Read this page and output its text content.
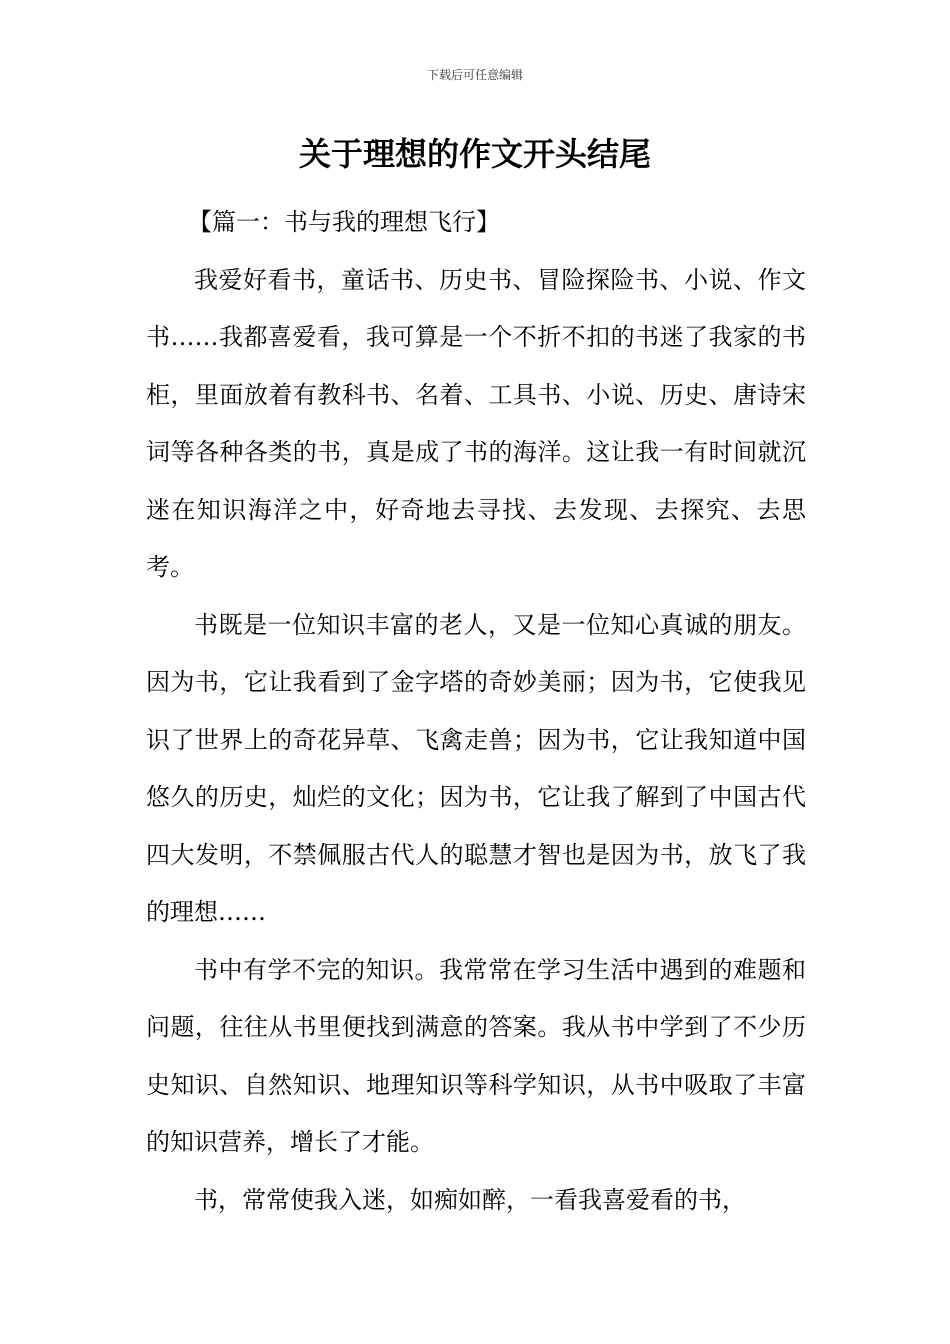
下载后可任意编辑
关于理想的作文开头结尾

【篇一：书与我的理想飞行】

我爱好看书，童话书、历史书、冒险探险书、小说、作文书……我都喜爱看，我可算是一个不折不扣的书迷了我家的书柜，里面放着有教科书、名着、工具书、小说、历史、唐诗宋词等各种各类的书，真是成了书的海洋。这让我一有时间就沉迷在知识海洋之中，好奇地去寻找、去发现、去探究、去思考。

书既是一位知识丰富的老人，又是一位知心真诚的朋友。因为书，它让我看到了金字塔的奇妙美丽；因为书，它使我见识了世界上的奇花异草、飞禽走兽；因为书，它让我知道中国悠久的历史，灿烂的文化；因为书，它让我了解到了中国古代四大发明，不禁佩服古代人的聪慧才智也是因为书，放飞了我的理想……

书中有学不完的知识。我常常在学习生活中遇到的难题和问题，往往从书里便找到满意的答案。我从书中学到了不少历史知识、自然知识、地理知识等科学知识，从书中吸取了丰富的知识营养，增长了才能。

书，常常使我入迷，如痴如醉，一看我喜爱看的书，
